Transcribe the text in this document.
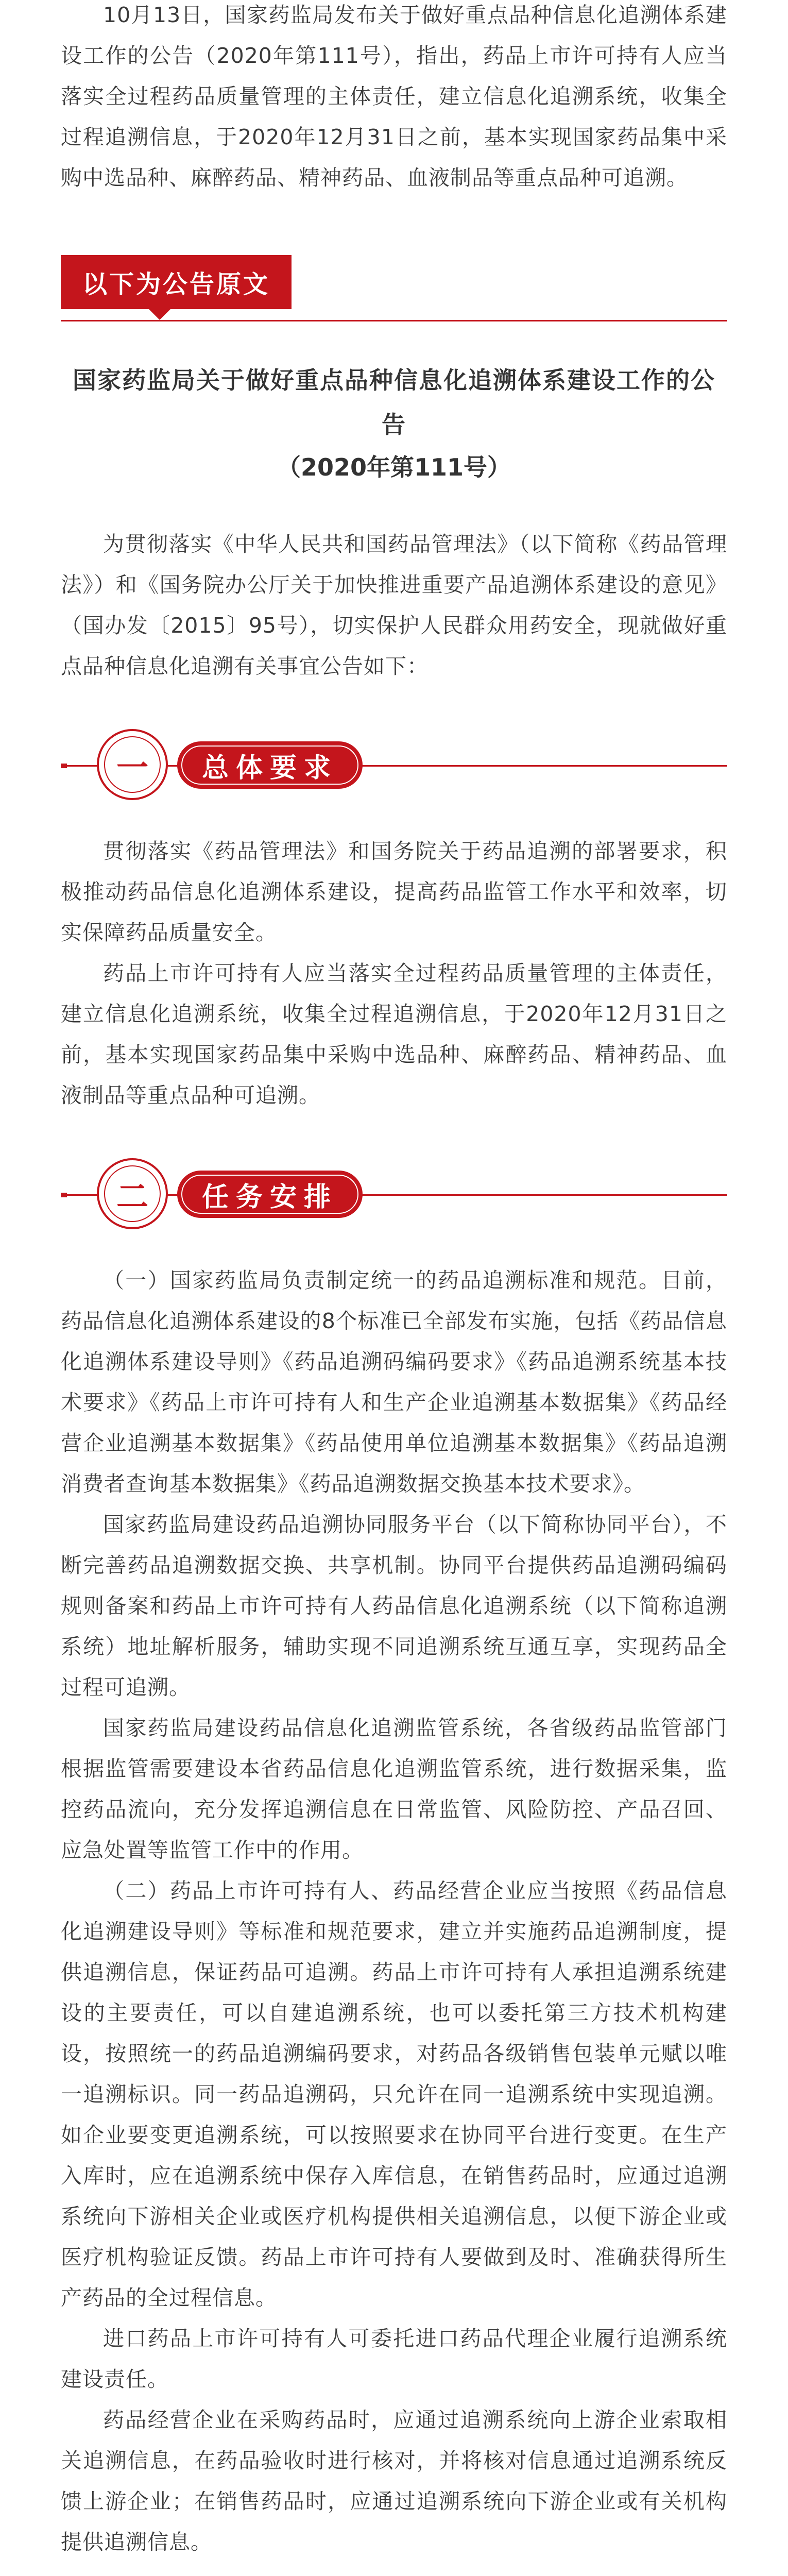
10月13日，国家药监局发布关于做好重点品种信息化追溯体系建设工作的公告（2020年第111号），指出，药品上市许可持有人应当落实全过程药品质量管理的主体责任，建立信息化追溯系统，收集全过程追溯信息，于2020年12月31日之前，基本实现国家药品集中采购中选品种、麻醉药品、精神药品、血液制品等重点品种可追溯。

以下为公告原文
国家药监局关于做好重点品种信息化追溯体系建设工作的公告
（2020年第111号）

为贯彻落实《中华人民共和国药品管理法》（以下简称《药品管理法》）和《国务院办公厅关于加快推进重要产品追溯体系建设的意见》（国办发〔2015〕95号），切实保护人民群众用药安全，现就做好重点品种信息化追溯有关事宜公告如下：

一 总体要求

贯彻落实《药品管理法》和国务院关于药品追溯的部署要求，积极推动药品信息化追溯体系建设，提高药品监管工作水平和效率，切实保障药品质量安全。

药品上市许可持有人应当落实全过程药品质量管理的主体责任，建立信息化追溯系统，收集全过程追溯信息，于2020年12月31日之前，基本实现国家药品集中采购中选品种、麻醉药品、精神药品、血液制品等重点品种可追溯。

二 任务安排

（一）国家药监局负责制定统一的药品追溯标准和规范。目前，药品信息化追溯体系建设的8个标准已全部发布实施，包括《药品信息化追溯体系建设导则》《药品追溯码编码要求》《药品追溯系统基本技术要求》《药品上市许可持有人和生产企业追溯基本数据集》《药品经营企业追溯基本数据集》《药品使用单位追溯基本数据集》《药品追溯消费者查询基本数据集》《药品追溯数据交换基本技术要求》。

国家药监局建设药品追溯协同服务平台（以下简称协同平台），不断完善药品追溯数据交换、共享机制。协同平台提供药品追溯码编码规则备案和药品上市许可持有人药品信息化追溯系统（以下简称追溯系统）地址解析服务，辅助实现不同追溯系统互通互享，实现药品全过程可追溯。

国家药监局建设药品信息化追溯监管系统，各省级药品监管部门根据监管需要建设本省药品信息化追溯监管系统，进行数据采集，监控药品流向，充分发挥追溯信息在日常监管、风险防控、产品召回、应急处置等监管工作中的作用。

（二）药品上市许可持有人、药品经营企业应当按照《药品信息化追溯建设导则》等标准和规范要求，建立并实施药品追溯制度，提供追溯信息，保证药品可追溯。药品上市许可持有人承担追溯系统建设的主要责任，可以自建追溯系统，也可以委托第三方技术机构建设，按照统一的药品追溯编码要求，对药品各级销售包装单元赋以唯一追溯标识。同一药品追溯码，只允许在同一追溯系统中实现追溯。如企业要变更追溯系统，可以按照要求在协同平台进行变更。在生产入库时，应在追溯系统中保存入库信息，在销售药品时，应通过追溯系统向下游相关企业或医疗机构提供相关追溯信息，以便下游企业或医疗机构验证反馈。药品上市许可持有人要做到及时、准确获得所生产药品的全过程信息。

进口药品上市许可持有人可委托进口药品代理企业履行追溯系统建设责任。

药品经营企业在采购药品时，应通过追溯系统向上游企业索取相关追溯信息，在药品验收时进行核对，并将核对信息通过追溯系统反馈上游企业；在销售药品时，应通过追溯系统向下游企业或有关机构提供追溯信息。
